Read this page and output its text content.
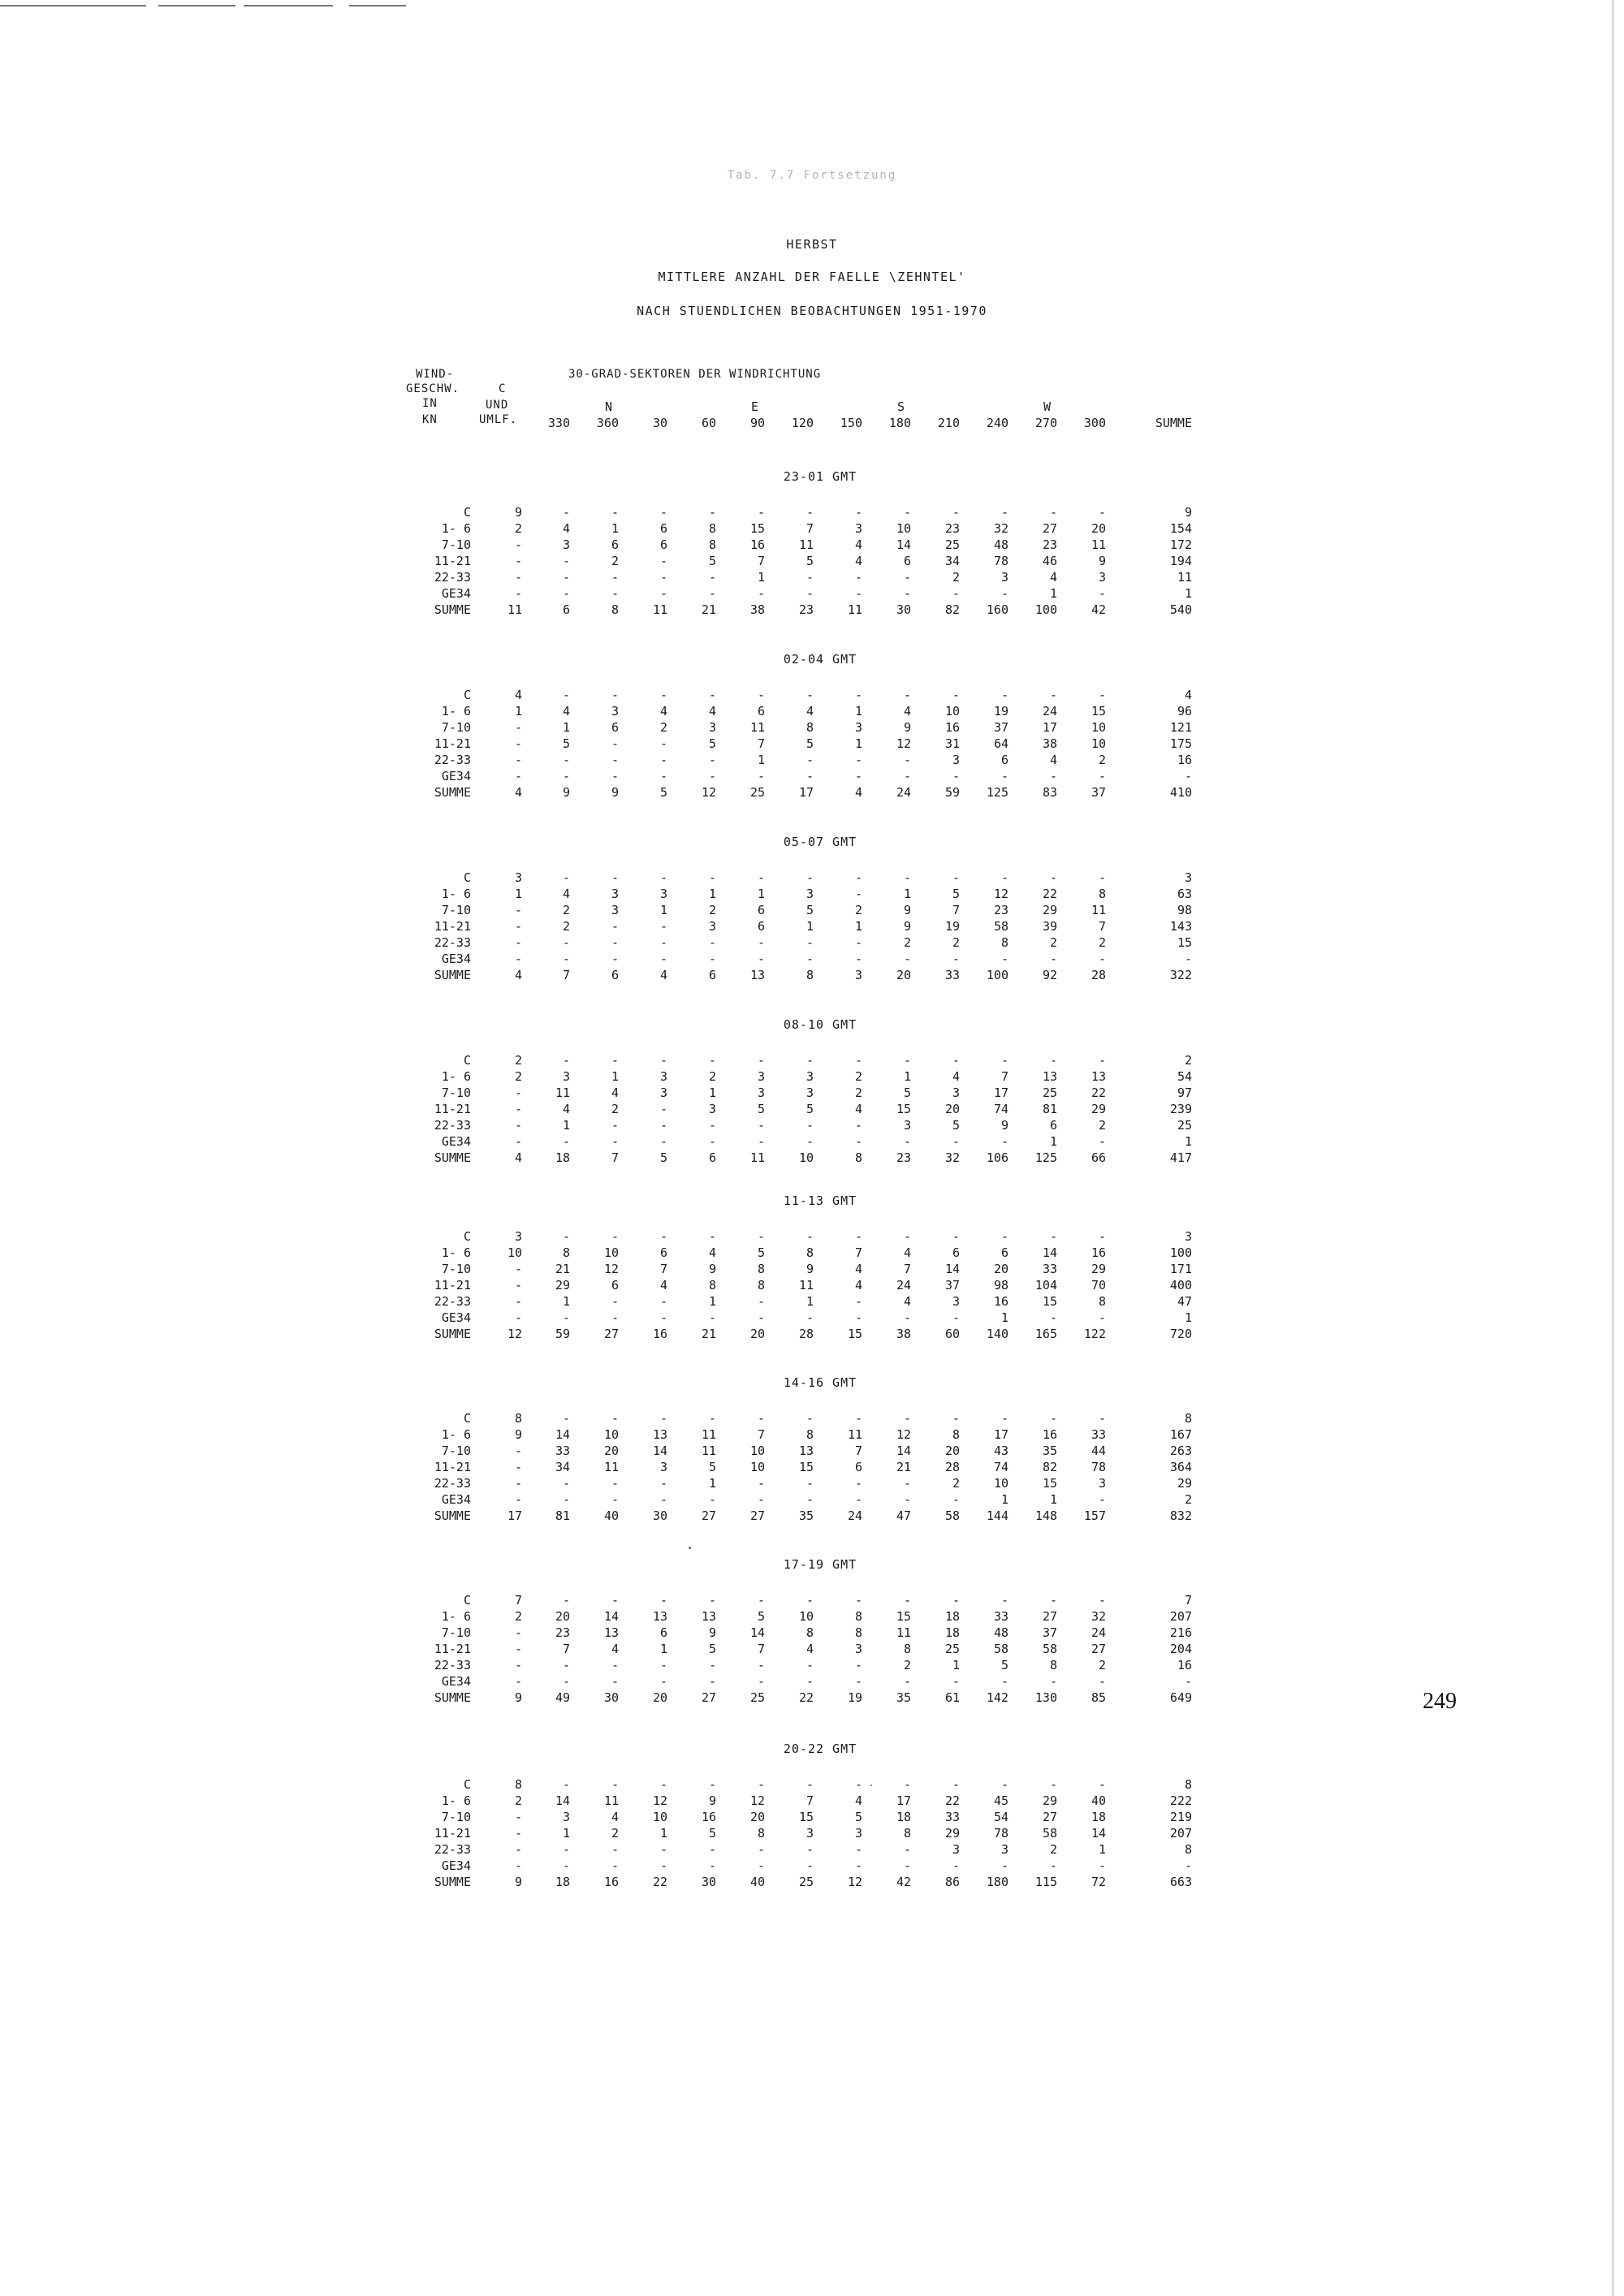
Tab. 7.7 Fortsetzung
HERBST
MITTLERE ANZAHL DER FAELLE \ZEHNTEL'
NACH STUENDLICHEN BEOBACHTUNGEN 1951-1970
30-GRAD-SEKTOREN DER WINDRICHTUNG
WIND-
GESCHW.
IN
KN
C
UND
UMLF.
N	E	S	W
330	360	30	60	90	120	150	180	210	240	270	300	SUMME
23-01 GMT
C	9	-	-	-	-	-	-	-	-	-	-	-	-	9
1- 6	2	4	1	6	8	15	7	3	10	23	32	27	20	154
7-10	-	3	6	6	8	16	11	4	14	25	48	23	11	172
11-21	-	-	2	-	5	7	5	4	6	34	78	46	9	194
22-33	-	-	-	-	-	1	-	-	-	2	3	4	3	11
GE34	-	-	-	-	-	-	-	-	-	-	-	1	-	1
SUMME	11	6	8	11	21	38	23	11	30	82	160	100	42	540
02-04 GMT
C	4	-	-	-	-	-	-	-	-	-	-	-	-	4
1- 6	1	4	3	4	4	6	4	1	4	10	19	24	15	96
7-10	-	1	6	2	3	11	8	3	9	16	37	17	10	121
11-21	-	5	-	-	5	7	5	1	12	31	64	38	10	175
22-33	-	-	-	-	-	1	-	-	-	3	6	4	2	16
GE34	-	-	-	-	-	-	-	-	-	-	-	-	-	-
SUMME	4	9	9	5	12	25	17	4	24	59	125	83	37	410
05-07 GMT
C	3	-	-	-	-	-	-	-	-	-	-	-	-	3
1- 6	1	4	3	3	1	1	3	-	1	5	12	22	8	63
7-10	-	2	3	1	2	6	5	2	9	7	23	29	11	98
11-21	-	2	-	-	3	6	1	1	9	19	58	39	7	143
22-33	-	-	-	-	-	-	-	-	2	2	8	2	2	15
GE34	-	-	-	-	-	-	-	-	-	-	-	-	-	-
SUMME	4	7	6	4	6	13	8	3	20	33	100	92	28	322
08-10 GMT
C	2	-	-	-	-	-	-	-	-	-	-	-	-	2
1- 6	2	3	1	3	2	3	3	2	1	4	7	13	13	54
7-10	-	11	4	3	1	3	3	2	5	3	17	25	22	97
11-21	-	4	2	-	3	5	5	4	15	20	74	81	29	239
22-33	-	1	-	-	-	-	-	-	3	5	9	6	2	25
GE34	-	-	-	-	-	-	-	-	-	-	-	1	-	1
SUMME	4	18	7	5	6	11	10	8	23	32	106	125	66	417
11-13 GMT
C	3	-	-	-	-	-	-	-	-	-	-	-	-	3
1- 6	10	8	10	6	4	5	8	7	4	6	6	14	16	100
7-10	-	21	12	7	9	8	9	4	7	14	20	33	29	171
11-21	-	29	6	4	8	8	11	4	24	37	98	104	70	400
22-33	-	1	-	-	1	-	1	-	4	3	16	15	8	47
GE34	-	-	-	-	-	-	-	-	-	-	1	-	-	1
SUMME	12	59	27	16	21	20	28	15	38	60	140	165	122	720
14-16 GMT
C	8	-	-	-	-	-	-	-	-	-	-	-	-	8
1- 6	9	14	10	13	11	7	8	11	12	8	17	16	33	167
7-10	-	33	20	14	11	10	13	7	14	20	43	35	44	263
11-21	-	34	11	3	5	10	15	6	21	28	74	82	78	364
22-33	-	-	-	-	1	-	-	-	-	2	10	15	3	29
GE34	-	-	-	-	-	-	-	-	-	-	1	1	-	2
SUMME	17	81	40	30	27	27	35	24	47	58	144	148	157	832
17-19 GMT
C	7	-	-	-	-	-	-	-	-	-	-	-	-	7
1- 6	2	20	14	13	13	5	10	8	15	18	33	27	32	207
7-10	-	23	13	6	9	14	8	8	11	18	48	37	24	216
11-21	-	7	4	1	5	7	4	3	8	25	58	58	27	204
22-33	-	-	-	-	-	-	-	-	2	1	5	8	2	16
GE34	-	-	-	-	-	-	-	-	-	-	-	-	-	-
SUMME	9	49	30	20	27	25	22	19	35	61	142	130	85	649
20-22 GMT
C	8	-	-	-	-	-	-	-	-	-	-	-	-	8
1- 6	2	14	11	12	9	12	7	4	17	22	45	29	40	222
7-10	-	3	4	10	16	20	15	5	18	33	54	27	18	219
11-21	-	1	2	1	5	8	3	3	8	29	78	58	14	207
22-33	-	-	-	-	-	-	-	-	-	3	3	2	1	8
GE34	-	-	-	-	-	-	-	-	-	-	-	-	-	-
SUMME	9	18	16	22	30	40	25	12	42	86	180	115	72	663
249
